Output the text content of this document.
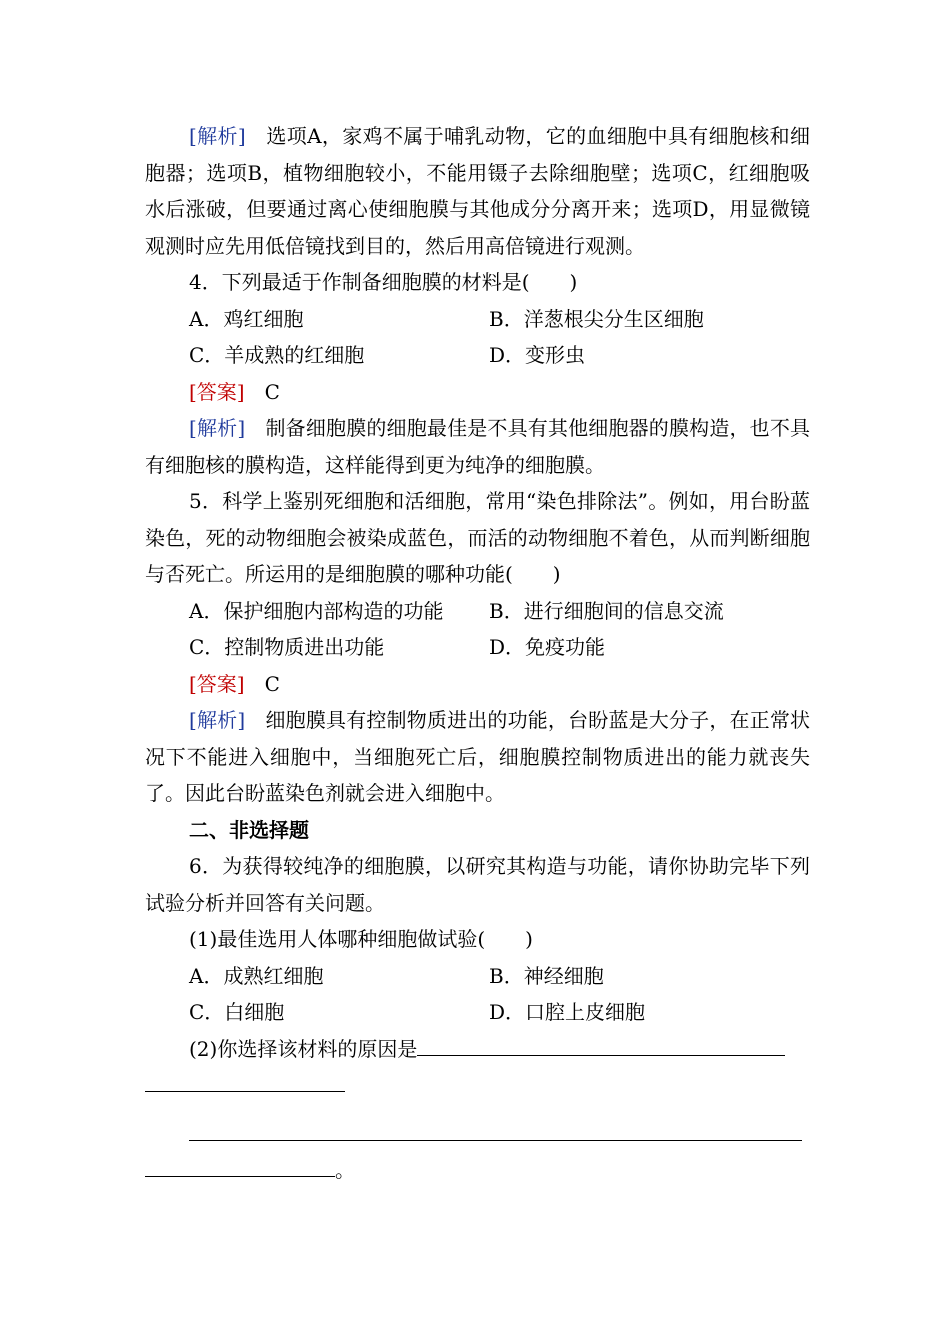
[解析]　 选项A，家鸡不属于哺乳动物，它的血细胞中具有细胞核和细胞器；选项B，植物细胞较小，不能用镊子去除细胞壁；选项C，红细胞吸水后涨破，但要通过离心使细胞膜与其他成分分离开来；选项D，用显微镜观测时应先用低倍镜找到目的，然后用高倍镜进行观测。

4．下列最适于作制备细胞膜的材料是(　　)

A．鸡红细胞	B．洋葱根尖分生区细胞
C．羊成熟的红细胞	D．变形虫

[答案]　 C

[解析]　 制备细胞膜的细胞最佳是不具有其他细胞器的膜构造，也不具有细胞核的膜构造，这样能得到更为纯净的细胞膜。

5．科学上鉴别死细胞和活细胞，常用“染色排除法”。例如，用台盼蓝染色，死的动物细胞会被染成蓝色，而活的动物细胞不着色，从而判断细胞与否死亡。所运用的是细胞膜的哪种功能(　　)

A．保护细胞内部构造的功能	B．进行细胞间的信息交流
C．控制物质进出功能	D．免疫功能

[答案]　 C

[解析]　 细胞膜具有控制物质进出的功能，台盼蓝是大分子，在正常状况下不能进入细胞中，当细胞死亡后，细胞膜控制物质进出的能力就丧失了。因此台盼蓝染色剂就会进入细胞中。

二、非选择题

6．为获得较纯净的细胞膜，以研究其构造与功能，请你协助完毕下列试验分析并回答有关问题。

(1)最佳选用人体哪种细胞做试验(　　)

A．成熟红细胞	B．神经细胞
C．白细胞	D．口腔上皮细胞

(2)你选择该材料的原因是

。
